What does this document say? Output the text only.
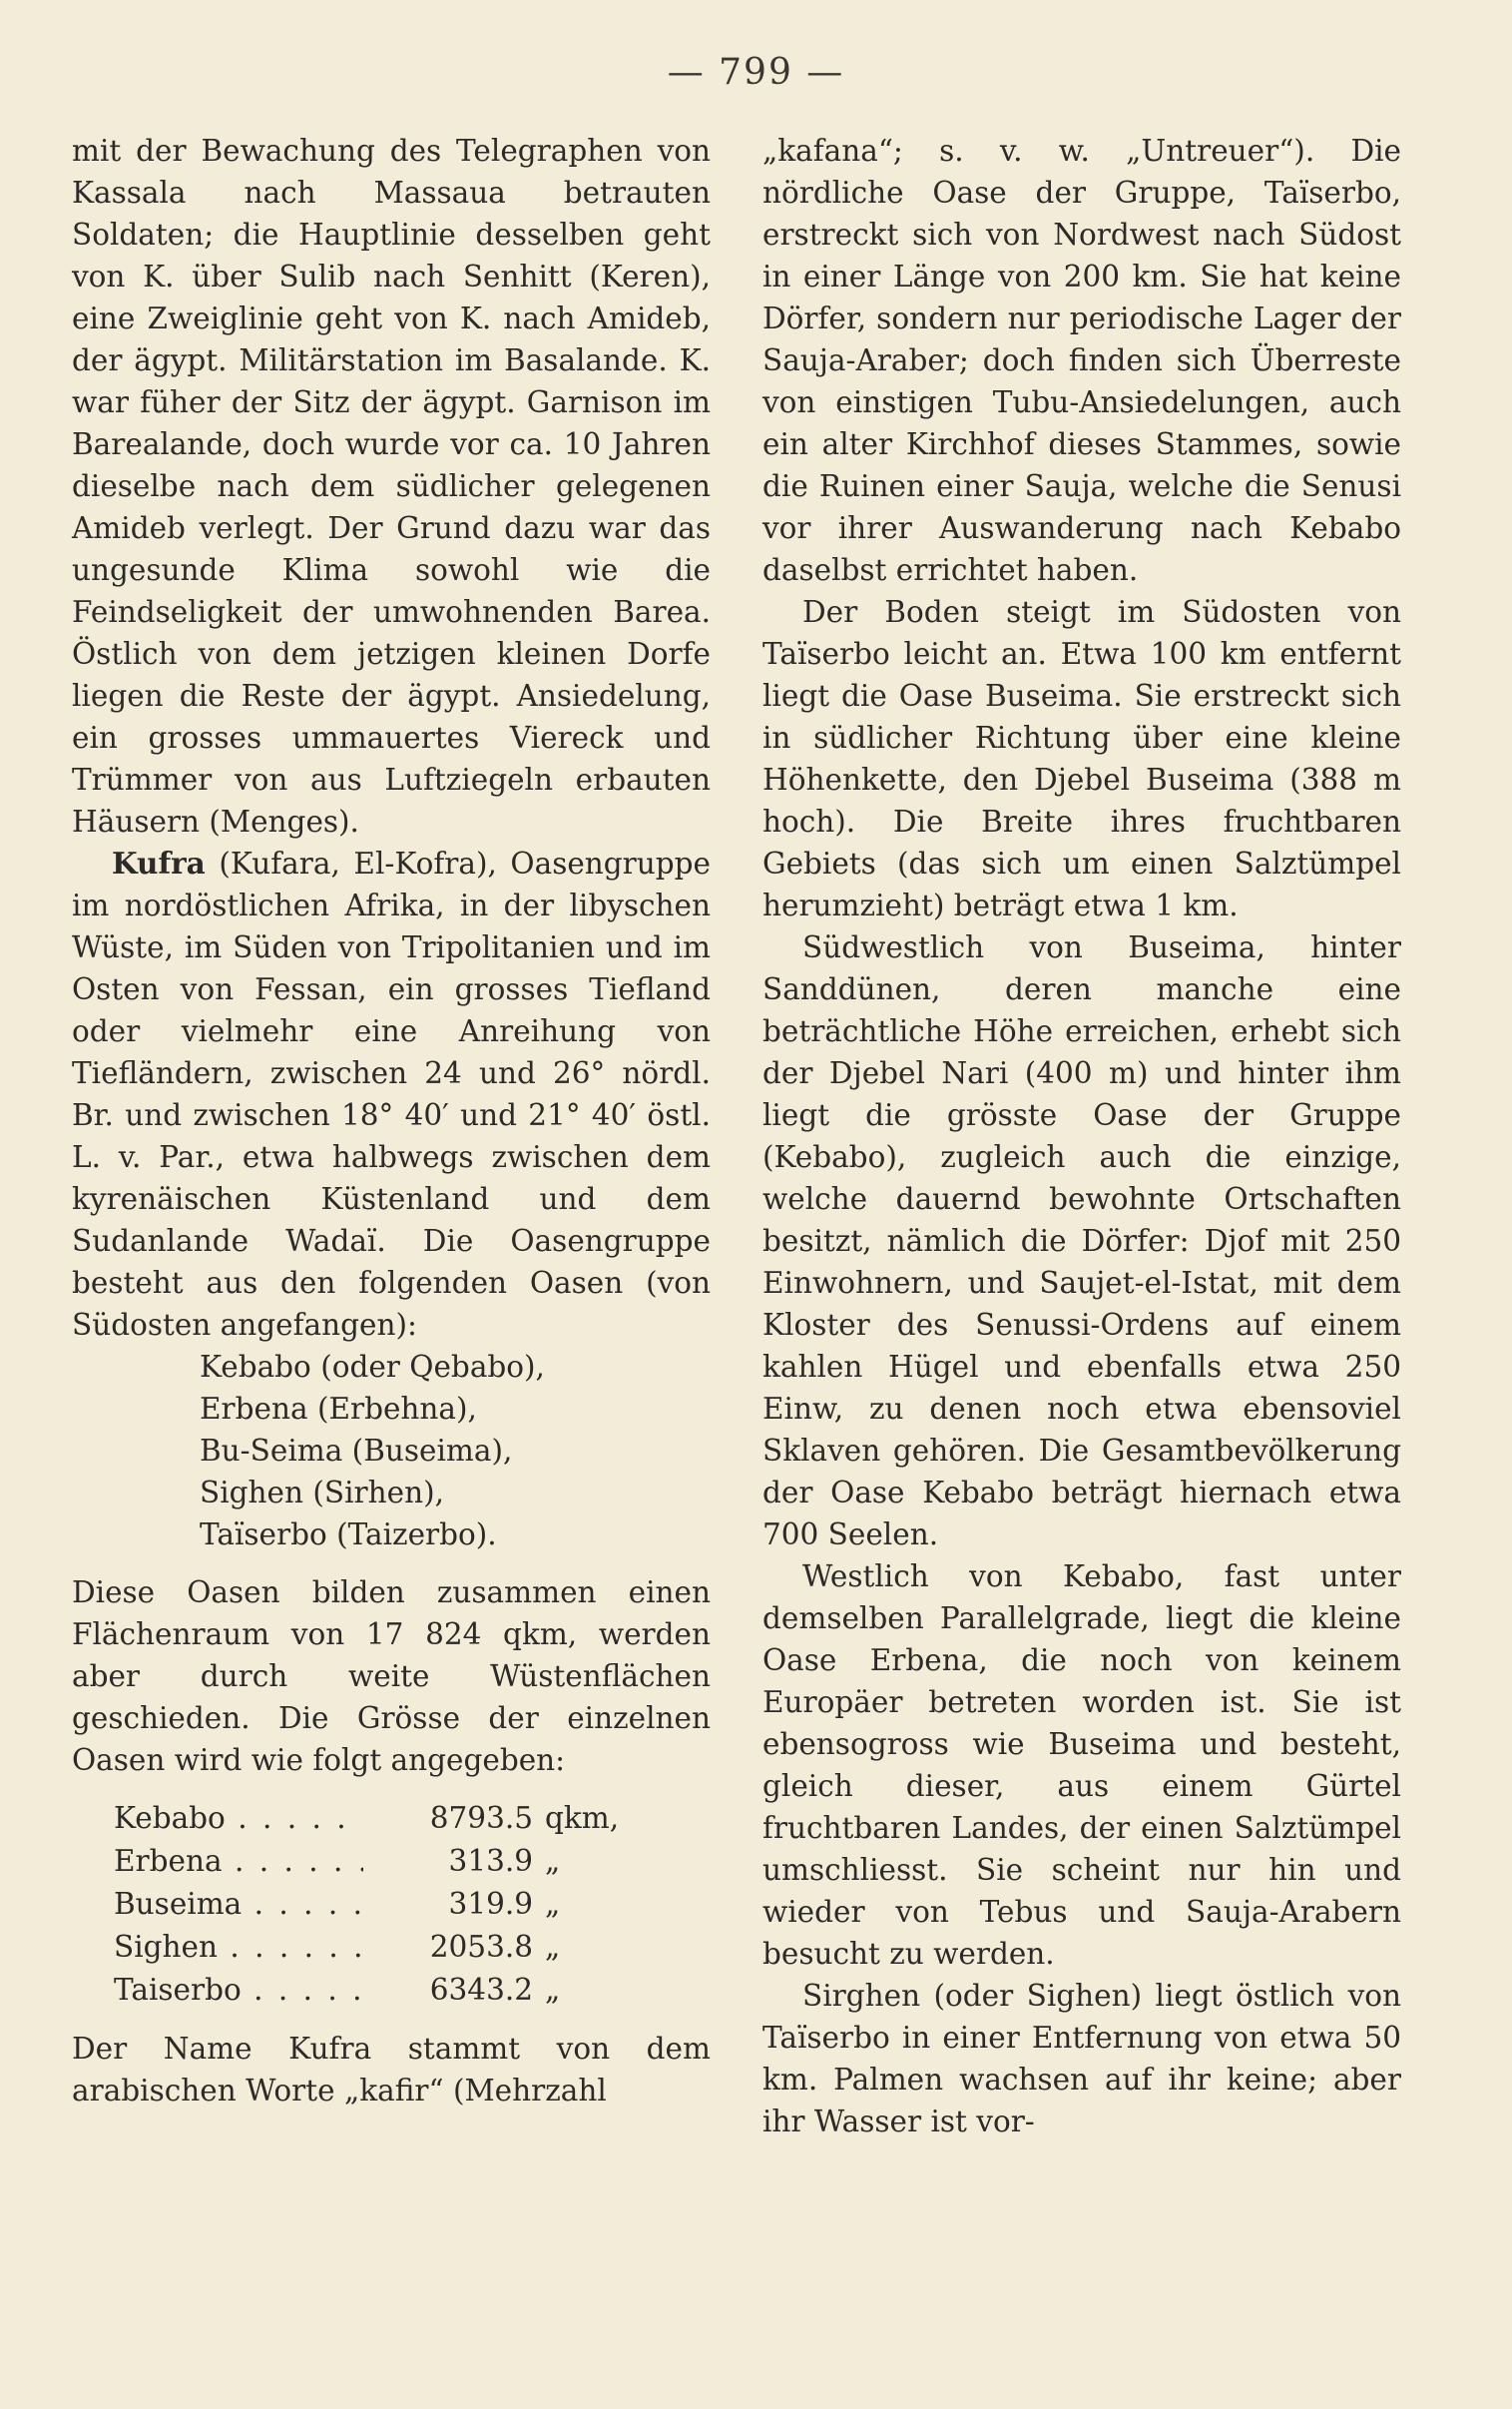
— 799 —

mit der Bewachung des Telegraphen von Kassala nach Massaua betrauten Soldaten; die Hauptlinie desselben geht von K. über Sulib nach Senhitt (Keren), eine Zweiglinie geht von K. nach Amideb, der ägypt. Militärstation im Basalande. K. war füher der Sitz der ägypt. Garnison im Barealande, doch wurde vor ca. 10 Jahren dieselbe nach dem südlicher gelegenen Amideb verlegt. Der Grund dazu war das ungesunde Klima sowohl wie die Feindseligkeit der umwohnenden Barea. Östlich von dem jetzigen kleinen Dorfe liegen die Reste der ägypt. Ansiedelung, ein grosses ummauertes Viereck und Trümmer von aus Luftziegeln erbauten Häusern (Menges).

Kufra (Kufara, El-Kofra), Oasengruppe im nordöstlichen Afrika, in der libyschen Wüste, im Süden von Tripolitanien und im Osten von Fessan, ein grosses Tiefland oder vielmehr eine Anreihung von Tiefländern, zwischen 24 und 26° nördl. Br. und zwischen 18° 40′ und 21° 40′ östl. L. v. Par., etwa halbwegs zwischen dem kyrenäischen Küstenland und dem Sudanlande Wadaï. Die Oasengruppe besteht aus den folgenden Oasen (von Südosten angefangen):

Kebabo (oder Qebabo),
Erbena (Erbehna),
Bu-Seima (Buseima),
Sighen (Sirhen),
Taïserbo (Taizerbo).

Diese Oasen bilden zusammen einen Flächenraum von 17 824 qkm, werden aber durch weite Wüstenflächen geschieden. Die Grösse der einzelnen Oasen wird wie folgt angegeben:

Kebabo . . .	8793.5 qkm,
Erbena . . .	313.9 „
Buseima . . .	319.9 „
Sighen . . .	2053.8 „
Taiserbo . . .	6343.2 „

Der Name Kufra stammt von dem arabischen Worte „kafir“ (Mehrzahl

„kafana“; s. v. w. „Untreuer“). Die nördliche Oase der Gruppe, Taïserbo, erstreckt sich von Nordwest nach Südost in einer Länge von 200 km. Sie hat keine Dörfer, sondern nur periodische Lager der Sauja-Araber; doch finden sich Überreste von einstigen Tubu-Ansiedelungen, auch ein alter Kirchhof dieses Stammes, sowie die Ruinen einer Sauja, welche die Senusi vor ihrer Auswanderung nach Kebabo daselbst errichtet haben.

Der Boden steigt im Südosten von Taïserbo leicht an. Etwa 100 km entfernt liegt die Oase Buseima. Sie erstreckt sich in südlicher Richtung über eine kleine Höhenkette, den Djebel Buseima (388 m hoch). Die Breite ihres fruchtbaren Gebiets (das sich um einen Salztümpel herumzieht) beträgt etwa 1 km.

Südwestlich von Buseima, hinter Sanddünen, deren manche eine beträchtliche Höhe erreichen, erhebt sich der Djebel Nari (400 m) und hinter ihm liegt die grösste Oase der Gruppe (Kebabo), zugleich auch die einzige, welche dauernd bewohnte Ortschaften besitzt, nämlich die Dörfer: Djof mit 250 Einwohnern, und Saujet-el-Istat, mit dem Kloster des Senussi-Ordens auf einem kahlen Hügel und ebenfalls etwa 250 Einw, zu denen noch etwa ebensoviel Sklaven gehören. Die Gesamtbevölkerung der Oase Kebabo beträgt hiernach etwa 700 Seelen.

Westlich von Kebabo, fast unter demselben Parallelgrade, liegt die kleine Oase Erbena, die noch von keinem Europäer betreten worden ist. Sie ist ebensogross wie Buseima und besteht, gleich dieser, aus einem Gürtel fruchtbaren Landes, der einen Salztümpel umschliesst. Sie scheint nur hin und wieder von Tebus und Sauja-Arabern besucht zu werden.

Sirghen (oder Sighen) liegt östlich von Taïserbo in einer Entfernung von etwa 50 km. Palmen wachsen auf ihr keine; aber ihr Wasser ist vor-
